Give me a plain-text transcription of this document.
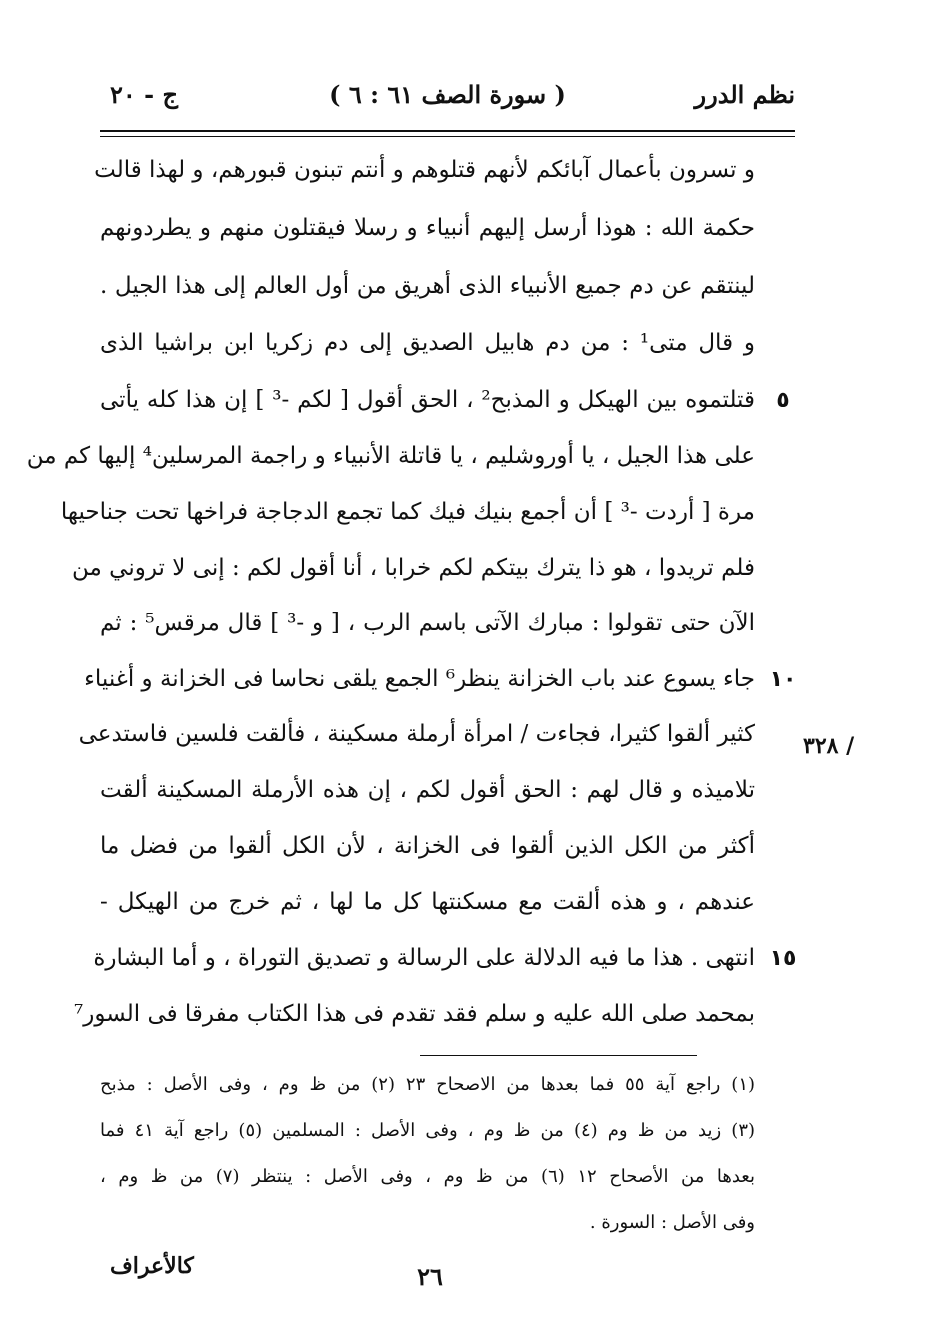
نظم الدرر
( سورة الصف ٦١ : ٦ )
ج - ٢٠
و تسرون بأعمال آبائكم لأنهم قتلوهم و أنتم تبنون قبورهم، و لهذا قالت
حكمة الله : هوذا أرسل إليهم أنبياء و رسلا فيقتلون منهم و يطردونهم
لينتقم عن دم جميع الأنبياء الذى أهريق من أول العالم إلى هذا الجيل .
و قال متى¹ : من دم هابيل الصديق إلى دم زكريا ابن براشيا الذى
قتلتموه بين الهيكل و المذبح² ، الحق أقول [ لكم -³ ] إن هذا كله يأتى
على هذا الجيل ، يا أوروشليم ، يا قاتلة الأنبياء و راجمة المرسلين⁴ إليها كم من
مرة [ أردت -³ ] أن أجمع بنيك فيك كما تجمع الدجاجة فراخها تحت جناحيها
فلم تريدوا ، هو ذا يترك بيتكم لكم خرابا ، أنا أقول لكم : إنى لا تروني من
الآن حتى تقولوا : مبارك الآتى باسم الرب ، [ و -³ ] قال مرقس⁵ : ثم
جاء يسوع عند باب الخزانة ينظر⁶ الجمع يلقى نحاسا فى الخزانة و أغنياء
كثير ألقوا كثيرا، فجاءت / امرأة أرملة مسكينة ، فألقت فلسين فاستدعى
تلاميذه و قال لهم : الحق أقول لكم ، إن هذه الأرملة المسكينة ألقت
أكثر من الكل الذين ألقوا فى الخزانة ، لأن الكل ألقوا من فضل ما
عندهم ، و هذه ألقت مع مسكنتها كل ما لها ، ثم خرج من الهيكل -
انتهى . هذا ما فيه الدلالة على الرسالة و تصديق التوراة ، و أما البشارة
بمحمد صلى الله عليه و سلم فقد تقدم فى هذا الكتاب مفرقا فى السور⁷
٥
١٠
١٥
/ ٣٢٨
(١) راجع آية ٥٥ فما بعدها من الاصحاح ٢٣ (٢) من ظ وم ، وفى الأصل : مذبح
(٣) زيد من ظ وم (٤) من ظ وم ، وفى الأصل : المسلمين (٥) راجع آية ٤١ فما
بعدها من الأصحاح ١٢ (٦) من ظ وم ، وفى الأصل : ينتظر (٧) من ظ وم ،
وفى الأصل : السورة .
٢٦
كالأعراف
